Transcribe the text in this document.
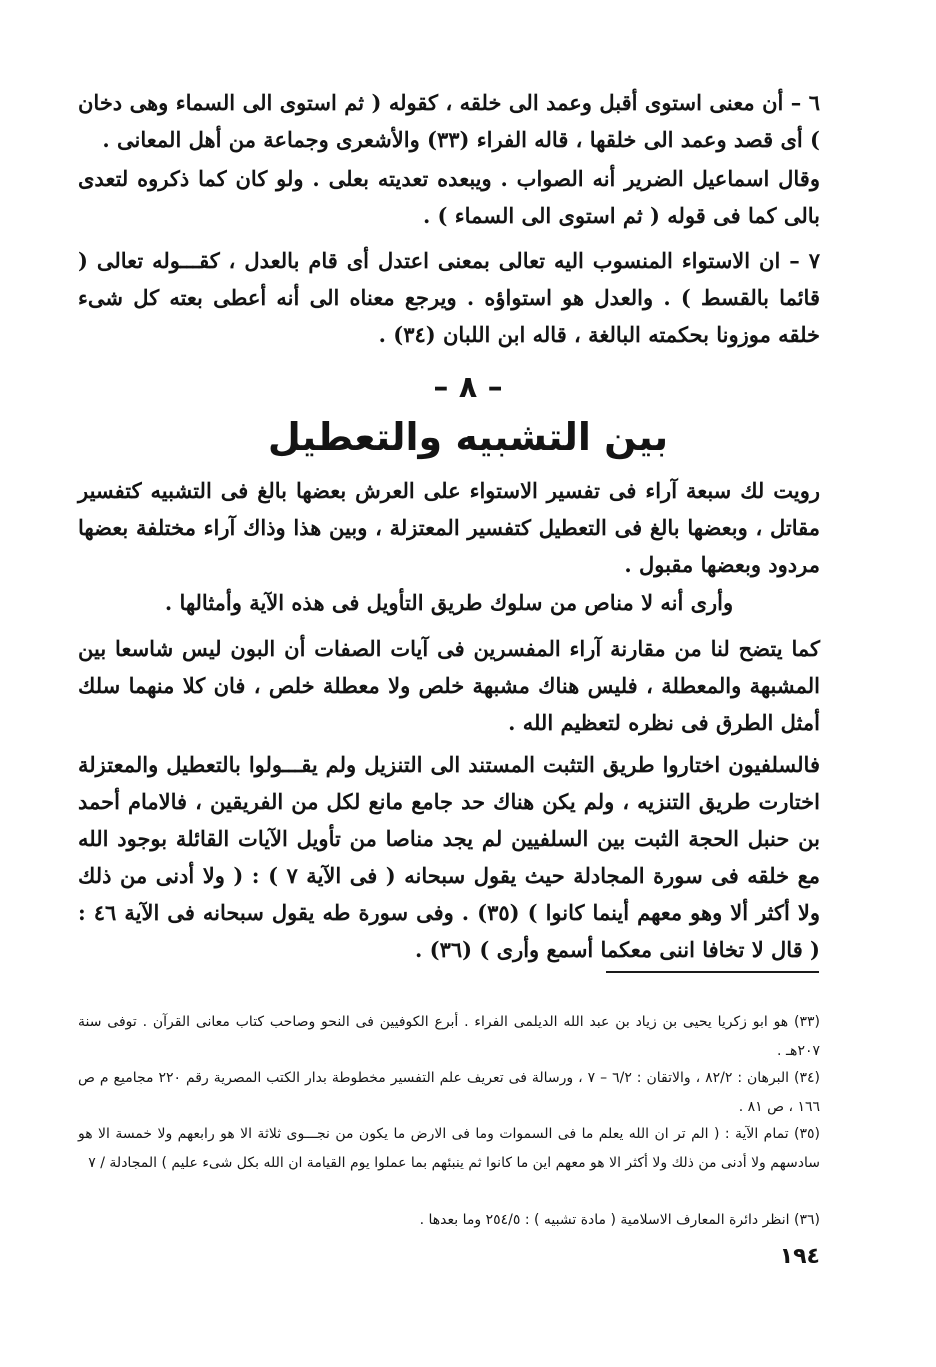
٦ – أن معنى استوى أقبل وعمد الى خلقه ، كقوله ( ثم استوى الى السماء وهى دخان ) أى قصد وعمد الى خلقها ، قاله الفراء (٣٣) والأشعرى وجماعة من أهل المعانى .

وقال اسماعيل الضرير أنه الصواب . ويبعده تعديته بعلى . ولو كان كما ذكروه لتعدى بالى كما فى قوله ( ثم استوى الى السماء ) .

٧ – ان الاستواء المنسوب اليه تعالى بمعنى اعتدل أى قام بالعدل ، كقـــوله تعالى ( قائما بالقسط ) . والعدل هو استواؤه . ويرجع معناه الى أنه أعطى بعته كل شىء خلقه موزونا بحكمته البالغة ، قاله ابن اللبان (٣٤) .

– ٨ –
بين التشبيه والتعطيل

رويت لك سبعة آراء فى تفسير الاستواء على العرش بعضها بالغ فى التشبيه كتفسير مقاتل ، وبعضها بالغ فى التعطيل كتفسير المعتزلة ، وبين هذا وذاك آراء مختلفة بعضها مردود وبعضها مقبول .

وأرى أنه لا مناص من سلوك طريق التأويل فى هذه الآية وأمثالها .

كما يتضح لنا من مقارنة آراء المفسرين فى آيات الصفات أن البون ليس شاسعا بين المشبهة والمعطلة ، فليس هناك مشبهة خلص ولا معطلة خلص ، فان كلا منهما سلك أمثل الطرق فى نظره لتعظيم الله .

فالسلفيون اختاروا طريق التثبت المستند الى التنزيل ولم يقـــولوا بالتعطيل والمعتزلة اختارت طريق التنزيه ، ولم يكن هناك حد جامع مانع لكل من الفريقين ، فالامام أحمد بن حنبل الحجة الثبت بين السلفيين لم يجد مناصا من تأويل الآيات القائلة بوجود الله مع خلقه فى سورة المجادلة حيث يقول سبحانه ( فى الآية ٧ ) : ( ولا أدنى من ذلك ولا أكثر ألا وهو معهم أينما كانوا ) (٣٥) . وفى سورة طه يقول سبحانه فى الآية ٤٦ : ( قال لا تخافا اننى معكما أسمع وأرى ) (٣٦) .

(٣٣) هو ابو زكريا يحيى بن زياد بن عبد الله الديلمى الفراء . أبرع الكوفيين فى النحو وصاحب كتاب معانى القرآن . توفى سنة ٢٠٧هـ .

(٣٤) البرهان : ٨٢/٢ ، والاتقان : ٦/٢ – ٧ ، ورسالة فى تعريف علم التفسير مخطوطة بدار الكتب المصرية رقم ٢٢٠ مجاميع م ص ١٦٦ ، ص ٨١ .

(٣٥) تمام الآية : ( الم تر ان الله يعلم ما فى السموات وما فى الارض ما يكون من نجـــوى ثلاثة الا هو رابعهم ولا خمسة الا هو سادسهم ولا أدنى من ذلك ولا أكثر الا هو معهم اين ما كانوا ثم ينبئهم بما عملوا يوم القيامة ان الله بكل شىء عليم ) المجادلة / ٧

(٣٦) انظر دائرة المعارف الاسلامية ( مادة تشبيه ) : ٢٥٤/٥ وما بعدها .

١٩٤
